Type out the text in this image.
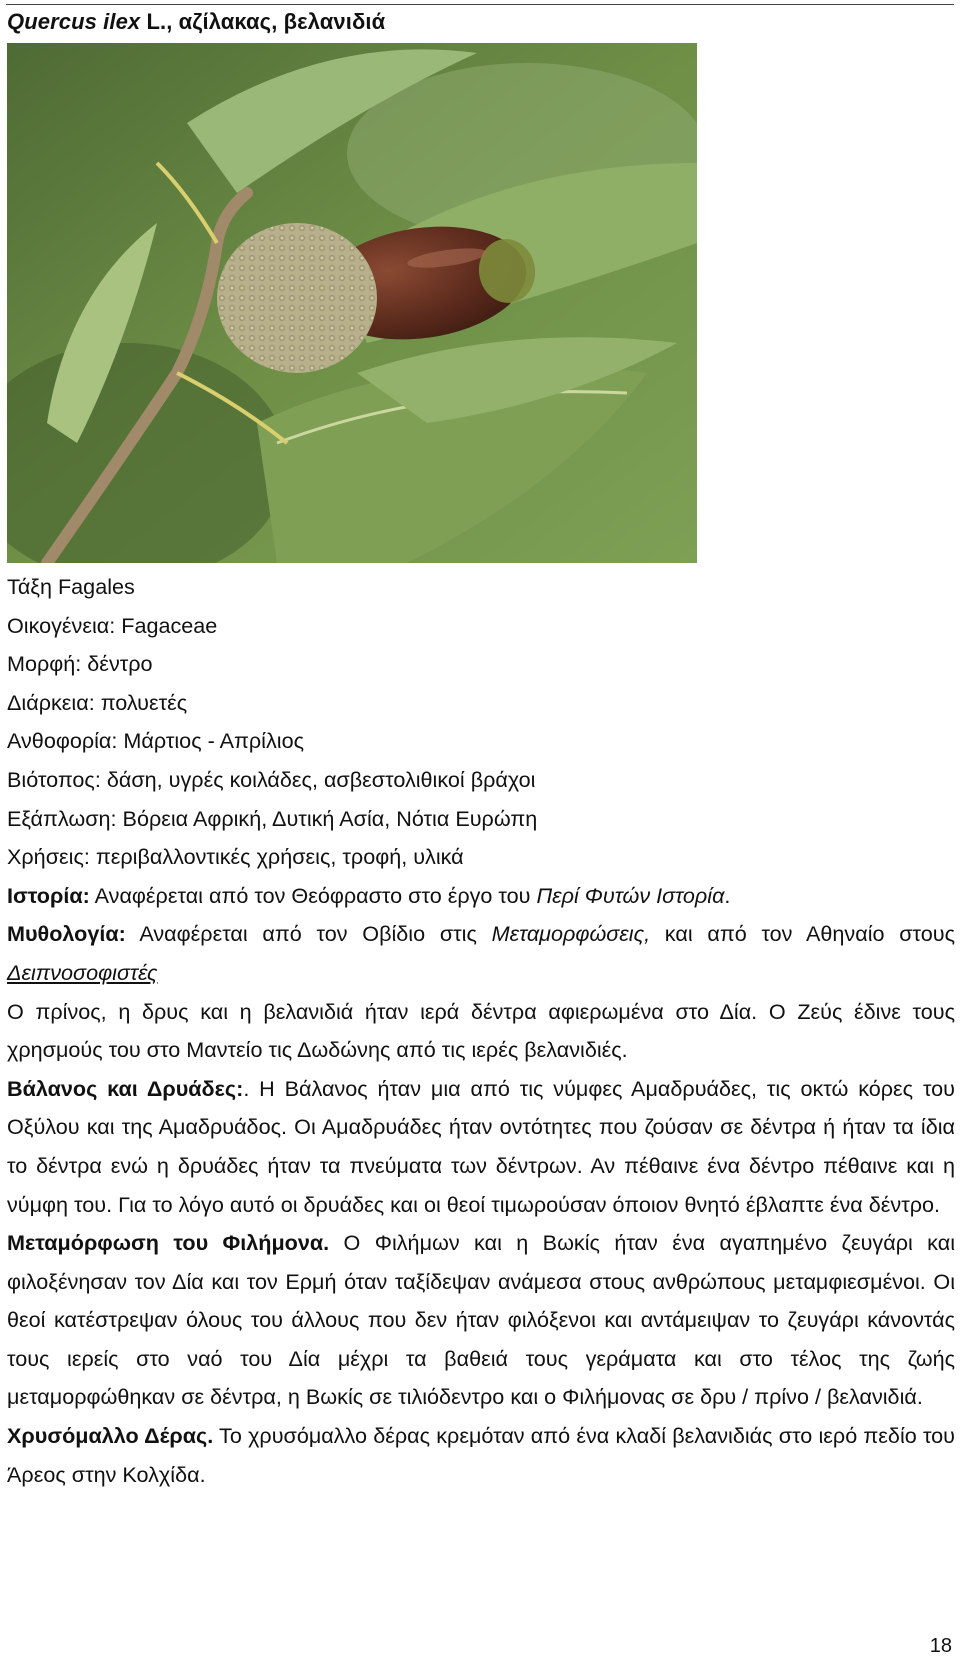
Quercus ilex L., αζίλακας, βελανιδιά

Τάξη Fagales

Οικογένεια: Fagaceae

Μορφή: δέντρο

Διάρκεια: πολυετές

Ανθοφορία: Μάρτιος - Απρίλιος

Βιότοπος: δάση, υγρές κοιλάδες, ασβεστολιθικοί βράχοι

Εξάπλωση: Βόρεια Αφρική, Δυτική Ασία, Νότια Ευρώπη

Χρήσεις: περιβαλλοντικές χρήσεις, τροφή, υλικά

Ιστορία: Αναφέρεται από τον Θεόφραστο στο έργο του Περί Φυτών Ιστορία.

Μυθολογία: Αναφέρεται από τον Οβίδιο στις Μεταμορφώσεις, και από τον Αθηναίο στους Δειπνοσοφιστές

Ο πρίνος, η δρυς και η βελανιδιά ήταν ιερά δέντρα αφιερωμένα στο Δία. Ο Ζεύς έδινε τους χρησμούς του στο Μαντείο τις Δωδώνης από τις ιερές βελανιδιές.

Βάλανος και Δρυάδες:. Η Βάλανος ήταν μια από τις νύμφες Αμαδρυάδες, τις οκτώ κόρες του Οξύλου και της Αμαδρυάδος. Οι Αμαδρυάδες ήταν οντότητες που ζούσαν σε δέντρα ή ήταν τα ίδια το δέντρα ενώ η δρυάδες ήταν τα πνεύματα των δέντρων. Αν πέθαινε ένα δέντρο πέθαινε και η νύμφη του. Για το λόγο αυτό οι δρυάδες και οι θεοί τιμωρούσαν όποιον θνητό έβλαπτε ένα δέντρο.

Μεταμόρφωση του Φιλήμονα. Ο Φιλήμων και η Βωκίς ήταν ένα αγαπημένο ζευγάρι και φιλοξένησαν τον Δία και τον Ερμή όταν ταξίδεψαν ανάμεσα στους ανθρώπους μεταμφιεσμένοι. Οι θεοί κατέστρεψαν όλους του άλλους που δεν ήταν φιλόξενοι και αντάμειψαν το ζευγάρι κάνοντάς τους ιερείς στο ναό του Δία μέχρι τα βαθειά τους γεράματα και στο τέλος της ζωής μεταμορφώθηκαν σε δέντρα, η Βωκίς σε τιλιόδεντρο και ο Φιλήμονας σε δρυ / πρίνο / βελανιδιά.

Χρυσόμαλλο Δέρας. Το χρυσόμαλλο δέρας κρεμόταν από ένα κλαδί βελανιδιάς στο ιερό πεδίο του Άρεος στην Κολχίδα.

18
